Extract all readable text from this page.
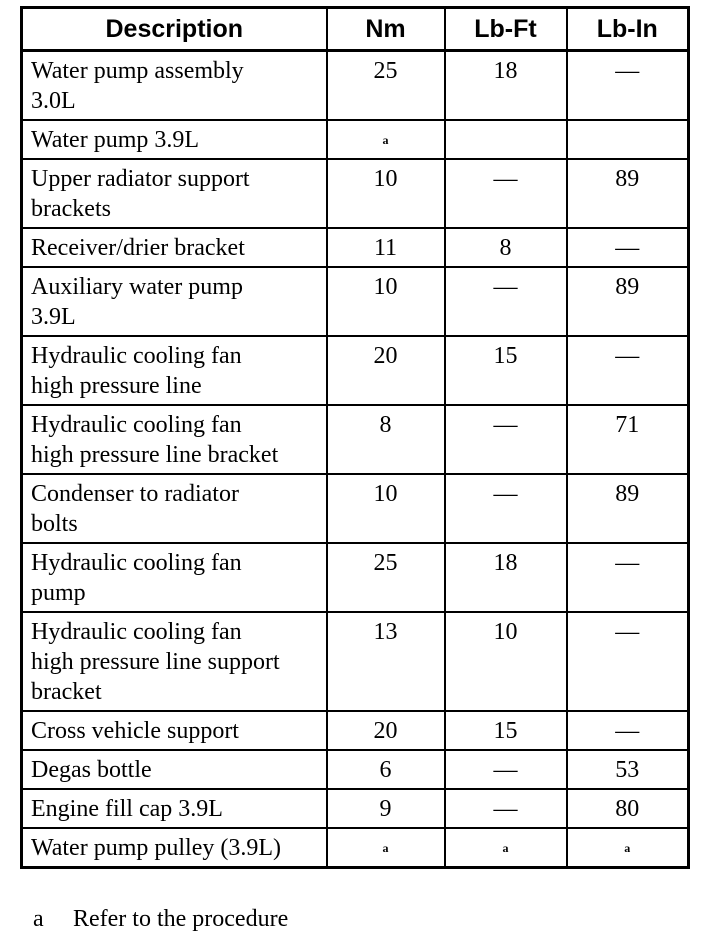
Description	Nm	Lb-Ft	Lb-In

Water pump assembly
3.0L	25	18	—

Water pump 3.9L	a		

Upper radiator support
brackets	10	—	89

Receiver/drier bracket	11	8	—

Auxiliary water pump
3.9L	10	—	89

Hydraulic cooling fan
high pressure line	20	15	—

Hydraulic cooling fan
high pressure line bracket	8	—	71

Condenser to radiator
bolts	10	—	89

Hydraulic cooling fan
pump	25	18	—

Hydraulic cooling fan
high pressure line support
bracket	13	10	—

Cross vehicle support	20	15	—

Degas bottle	6	—	53

Engine fill cap 3.9L	9	—	80

Water pump pulley (3.9L)	a	a	a
a Refer to the procedure
